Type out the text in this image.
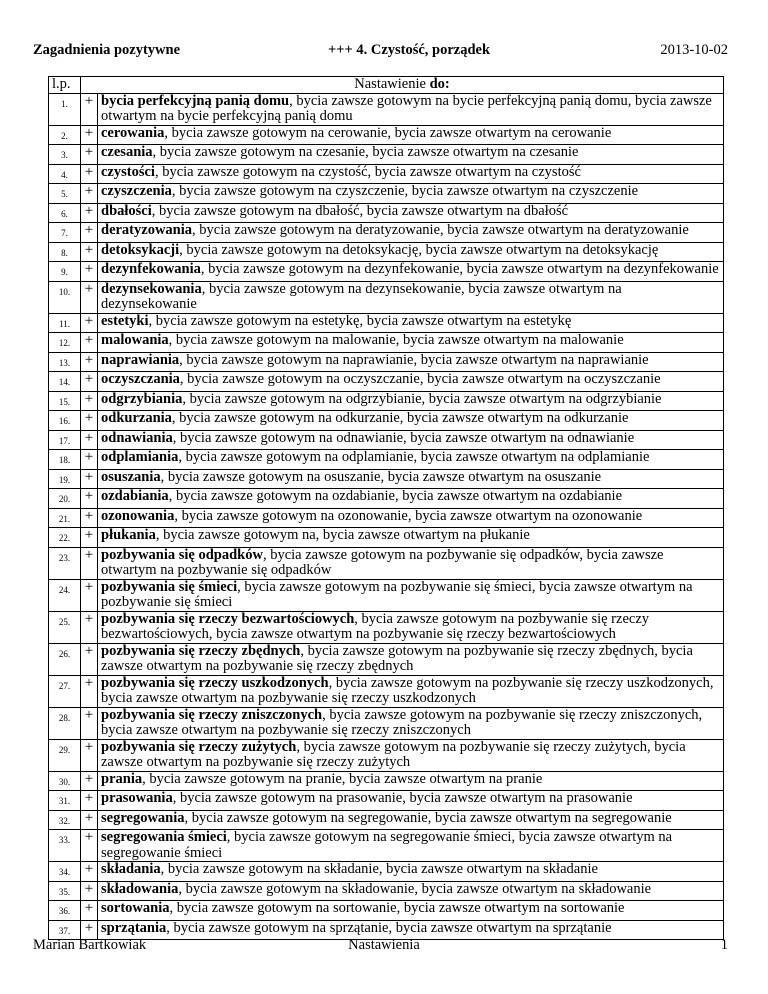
Zagadnienia pozytywne	+++ 4. Czystość, porządek	2013-10-02
l.p.	Nastawienie do:	
1.	+	bycia perfekcyjną panią domu, bycia zawsze gotowym na bycie perfekcyjną panią domu, bycia zawsze otwartym na bycie perfekcyjną panią domu
2.	+	cerowania, bycia zawsze gotowym na cerowanie, bycia zawsze otwartym na cerowanie
3.	+	czesania, bycia zawsze gotowym na czesanie, bycia zawsze otwartym na czesanie
4.	+	czystości, bycia zawsze gotowym na czystość, bycia zawsze otwartym na czystość
5.	+	czyszczenia, bycia zawsze gotowym na czyszczenie, bycia zawsze otwartym na czyszczenie
6.	+	dbałości, bycia zawsze gotowym na dbałość, bycia zawsze otwartym na dbałość
7.	+	deratyzowania, bycia zawsze gotowym na deratyzowanie, bycia zawsze otwartym na deratyzowanie
8.	+	detoksykacji, bycia zawsze gotowym na detoksykację, bycia zawsze otwartym na detoksykację
9.	+	dezynfekowania, bycia zawsze gotowym na dezynfekowanie, bycia zawsze otwartym na dezynfekowanie
10.	+	dezynsekowania, bycia zawsze gotowym na dezynsekowanie, bycia zawsze otwartym na dezynsekowanie
11.	+	estetyki, bycia zawsze gotowym na estetykę, bycia zawsze otwartym na estetykę
12.	+	malowania, bycia zawsze gotowym na malowanie, bycia zawsze otwartym na malowanie
13.	+	naprawiania, bycia zawsze gotowym na naprawianie, bycia zawsze otwartym na naprawianie
14.	+	oczyszczania, bycia zawsze gotowym na oczyszczanie, bycia zawsze otwartym na oczyszczanie
15.	+	odgrzybiania, bycia zawsze gotowym na odgrzybianie, bycia zawsze otwartym na odgrzybianie
16.	+	odkurzania, bycia zawsze gotowym na odkurzanie, bycia zawsze otwartym na odkurzanie
17.	+	odnawiania, bycia zawsze gotowym na odnawianie, bycia zawsze otwartym na odnawianie
18.	+	odplamiania, bycia zawsze gotowym na odplamianie, bycia zawsze otwartym na odplamianie
19.	+	osuszania, bycia zawsze gotowym na osuszanie, bycia zawsze otwartym na osuszanie
20.	+	ozdabiania, bycia zawsze gotowym na ozdabianie, bycia zawsze otwartym na ozdabianie
21.	+	ozonowania, bycia zawsze gotowym na ozonowanie, bycia zawsze otwartym na ozonowanie
22.	+	płukania, bycia zawsze gotowym na, bycia zawsze otwartym na płukanie
23.	+	pozbywania się odpadków, bycia zawsze gotowym na pozbywanie się odpadków, bycia zawsze otwartym na pozbywanie się odpadków
24.	+	pozbywania się śmieci, bycia zawsze gotowym na pozbywanie się śmieci, bycia zawsze otwartym na pozbywanie się śmieci
25.	+	pozbywania się rzeczy bezwartościowych, bycia zawsze gotowym na pozbywanie się rzeczy bezwartościowych, bycia zawsze otwartym na pozbywanie się rzeczy bezwartościowych
26.	+	pozbywania się rzeczy zbędnych, bycia zawsze gotowym na pozbywanie się rzeczy zbędnych, bycia zawsze otwartym na pozbywanie się rzeczy zbędnych
27.	+	pozbywania się rzeczy uszkodzonych, bycia zawsze gotowym na pozbywanie się rzeczy uszkodzonych, bycia zawsze otwartym na pozbywanie się rzeczy uszkodzonych
28.	+	pozbywania się rzeczy zniszczonych, bycia zawsze gotowym na pozbywanie się rzeczy zniszczonych, bycia zawsze otwartym na pozbywanie się rzeczy zniszczonych
29.	+	pozbywania się rzeczy zużytych, bycia zawsze gotowym na pozbywanie się rzeczy zużytych, bycia zawsze otwartym na pozbywanie się rzeczy zużytych
30.	+	prania, bycia zawsze gotowym na pranie, bycia zawsze otwartym na pranie
31.	+	prasowania, bycia zawsze gotowym na prasowanie, bycia zawsze otwartym na prasowanie
32.	+	segregowania, bycia zawsze gotowym na segregowanie, bycia zawsze otwartym na segregowanie
33.	+	segregowania śmieci, bycia zawsze gotowym na segregowanie śmieci, bycia zawsze otwartym na segregowanie śmieci
34.	+	składania, bycia zawsze gotowym na składanie, bycia zawsze otwartym na składanie
35.	+	składowania, bycia zawsze gotowym na składowanie, bycia zawsze otwartym na składowanie
36.	+	sortowania, bycia zawsze gotowym na sortowanie, bycia zawsze otwartym na sortowanie
37.	+	sprzątania, bycia zawsze gotowym na sprzątanie, bycia zawsze otwartym na sprzątanie
Marian Bartkowiak	Nastawienia	1
